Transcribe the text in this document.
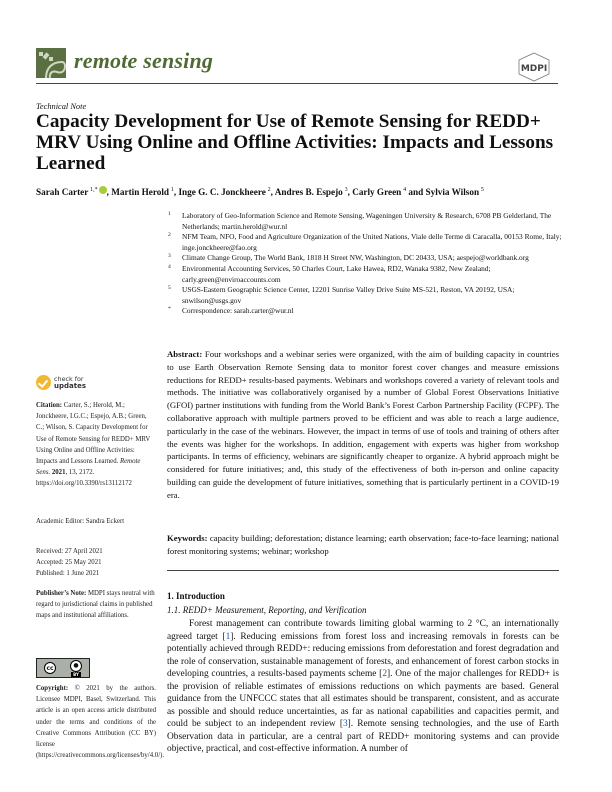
remote sensing	MDPI
Technical Note
Capacity Development for Use of Remote Sensing for REDD+ MRV Using Online and Offline Activities: Impacts and Lessons Learned
Sarah Carter  $^{1,*}$ , Martin Herold  $^1$, Inge G. C. Jonckheere  $^2$, Andres B. Espejo  $^3$, Carly Green  $^4$ and Sylvia Wilson  $^5$
1 Laboratory of Geo-Information Science and Remote Sensing, Wageningen University & Research, 6708 PB Gelderland, The Netherlands; martin.herold@wur.nl
2 NFM Team, NFO, Food and Agriculture Organization of the United Nations, Viale delle Terme di Caracalla, 00153 Rome, Italy; inge.jonckheere@fao.org
3 Climate Change Group, The World Bank, 1818 H Street NW, Washington, DC 20433, USA; aespejo@worldbank.org
4 Environmental Accounting Services, 50 Charles Court, Lake Hawea, RD2, Wanaka 9382, New Zealand; carly.green@enviroaccounts.com
5 USGS-Eastern Geographic Science Center, 12201 Sunrise Valley Drive Suite MS-521, Reston, VA 20192, USA; snwilson@usgs.gov
* Correspondence: sarah.carter@wur.nl
Abstract: Four workshops and a webinar series were organized, with the aim of building capacity in countries to use Earth Observation Remote Sensing data to monitor forest cover changes and measure emissions reductions for REDD+ results-based payments. Webinars and workshops covered a variety of relevant tools and methods. The initiative was collaboratively organised by a number of Global Forest Observations Initiative (GFOI) partner institutions with funding from the World Bank’s Forest Carbon Partnership Facility (FCPF). The collaborative approach with multiple partners proved to be efficient and was able to reach a large audience, particularly in the case of the webinars. However, the impact in terms of use of tools and training of others after the events was higher for the workshops. In addition, engagement with experts was higher from workshop participants. In terms of efficiency, webinars are significantly cheaper to organize. A hybrid approach might be considered for future initiatives; and, this study of the effectiveness of both in-person and online capacity building can guide the development of future initiatives, something that is particularly pertinent in a COVID-19 era.
Keywords: capacity building; deforestation; distance learning; earth observation; face-to-face learning; national forest monitoring systems; webinar; workshop
check for
updates
Citation: Carter, S.; Herold, M.; Jonckheere, I.G.C.; Espejo, A.B.; Green, C.; Wilson, S. Capacity Development for Use of Remote Sensing for REDD+ MRV Using Online and Offline Activities: Impacts and Lessons Learned. Remote Sens. 2021, 13, 2172. https://doi.org/10.3390/rs13112172
Academic Editor: Sandra Eckert
Received: 27 April 2021
Accepted: 25 May 2021
Published: 1 June 2021
Publisher’s Note: MDPI stays neutral with regard to jurisdictional claims in published maps and institutional affiliations.
cc	●
BY
Copyright: © 2021 by the authors. Licensee MDPI, Basel, Switzerland. This article is an open access article distributed under the terms and conditions of the Creative Commons Attribution (CC BY) license (https://creativecommons.org/licenses/by/4.0/).
1. Introduction
1.1. REDD+ Measurement, Reporting, and Verification
Forest management can contribute towards limiting global warming to 2 °C, an internationally agreed target [1]. Reducing emissions from forest loss and increasing removals in forests can be potentially achieved through REDD+: reducing emissions from deforestation and forest degradation and the role of conservation, sustainable management of forests, and enhancement of forest carbon stocks in developing countries, a results-based payments scheme [2]. One of the major challenges for REDD+ is the provision of reliable estimates of emissions reductions on which payments are based. General guidance from the UNFCCC states that all estimates should be transparent, consistent, and as accurate as possible and should reduce uncertainties, as far as national capabilities and capacities permit, and could be subject to an independent review [3]. Remote sensing technologies, and the use of Earth Observation data in particular, are a central part of REDD+ monitoring systems and can provide objective, practical, and cost-effective information. A number of
